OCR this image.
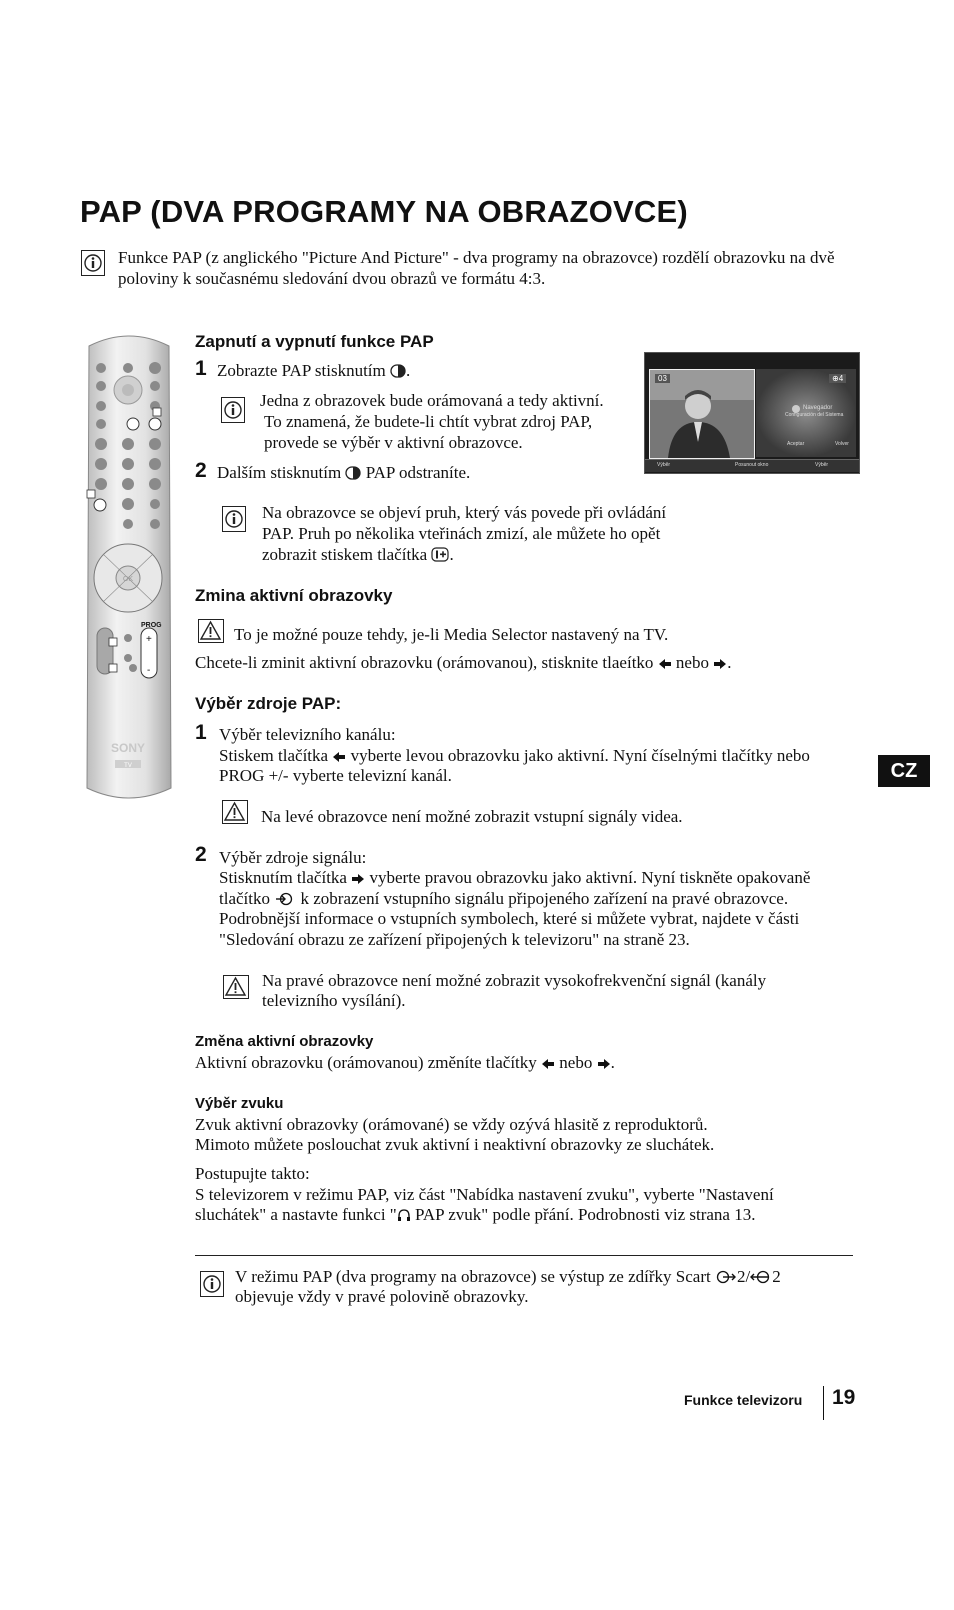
PAP (DVA PROGRAMY NA OBRAZOVCE)
Funkce PAP (z anglického "Picture And Picture" - dva programy na obrazovce) rozdělí obrazovku na dvě poloviny k současnému sledování dvou obrazů ve formátu 4:3.
SONY
TV
PROG
OK
+
-
03	⊕4
Navegador
Configuración del Sistema
Aceptar	Volver
Výběr	Posunout okno	Výběr
Zapnutí a vypnutí funkce PAP
1 Zobrazte PAP stisknutím .
Jedna z obrazovek bude orámovaná a tedy aktivní.
To znamená, že budete-li chtít vybrat zdroj PAP,
provede se výběr v aktivní obrazovce.
2 Dalším stisknutím PAP odstraníte.
Na obrazovce se objeví pruh, který vás povede při ovládání
PAP. Pruh po několika vteřinách zmizí, ale můžete ho opět
zobrazit stiskem tlačítka .
Zmina aktivní obrazovky
To je možné pouze tehdy, je-li Media Selector nastavený na TV.
Chcete-li zminit aktivní obrazovku (orámovanou), stisknite tlaeítko nebo .
Výběr zdroje PAP:
1 Výběr televizního kanálu:
Stiskem tlačítka vyberte levou obrazovku jako aktivní. Nyní číselnými tlačítky nebo
PROG +/- vyberte televizní kanál.
Na levé obrazovce není možné zobrazit vstupní signály videa.
2 Výběr zdroje signálu:
Stisknutím tlačítka vyberte pravou obrazovku jako aktivní. Nyní tiskněte opakovaně
tlačítko k zobrazení vstupního signálu připojeného zařízení na pravé obrazovce.
Podrobnější informace o vstupních symbolech, které si můžete vybrat, najdete v části
"Sledování obrazu ze zařízení připojených k televizoru" na straně 23.
Na pravé obrazovce není možné zobrazit vysokofrekvenční signál (kanály
televizního vysílání).
Změna aktivní obrazovky
Aktivní obrazovku (orámovanou) změníte tlačítky nebo .
Výběr zvuku
Zvuk aktivní obrazovky (orámované) se vždy ozývá hlasitě z reproduktorů.
Mimoto můžete poslouchat zvuk aktivní i neaktivní obrazovky ze sluchátek.
Postupujte takto:
S televizorem v režimu PAP, viz část "Nabídka nastavení zvuku", vyberte "Nastavení
sluchátek" a nastavte funkci " PAP zvuk" podle přání. Podrobnosti viz strana 13.
V režimu PAP (dva programy na obrazovce) se výstup ze zdířky Scart 2/ 2
objevuje vždy v pravé polovině obrazovky.
CZ
Funkce televizoru 19
